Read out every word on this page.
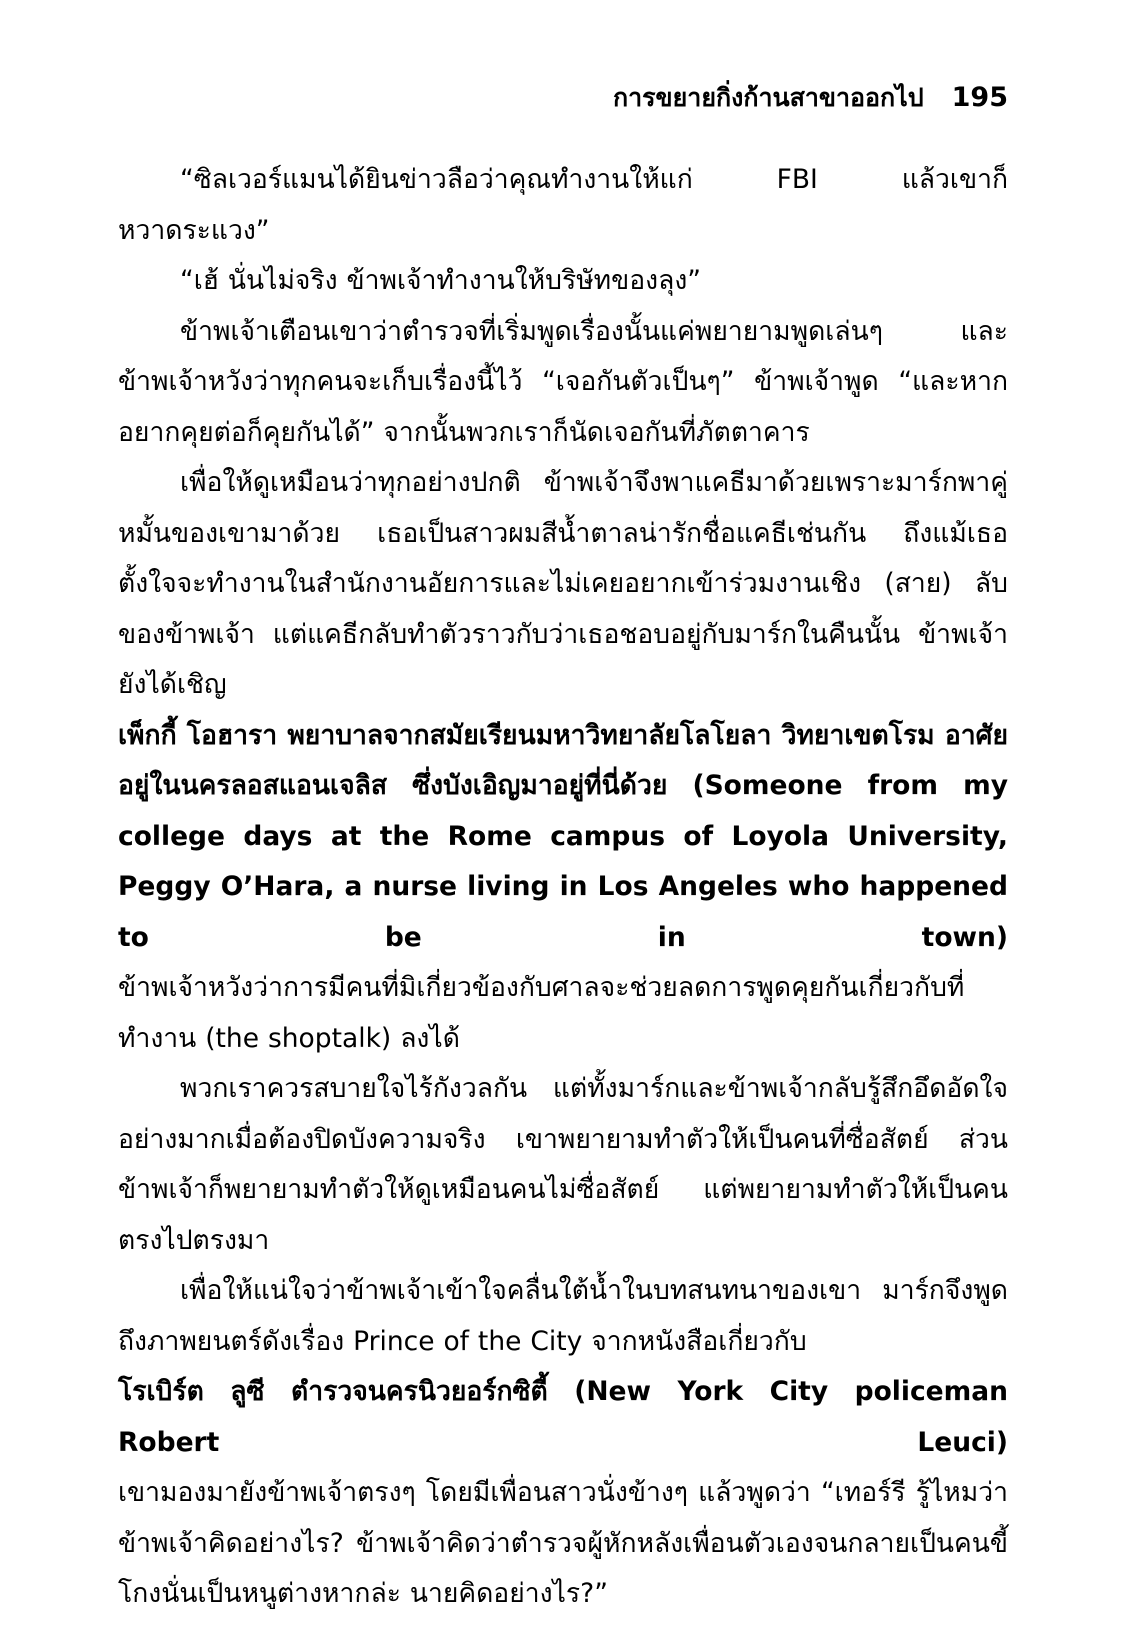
การขยายกิ่งก้านสาขาออกไป 195

“ซิลเวอร์แมนได้ยินข่าวลือว่าคุณทำงานให้แก่ FBI แล้วเขาก็หวาดระแวง”

“เฮ้ นั่นไม่จริง ข้าพเจ้าทำงานให้บริษัทของลุง”

ข้าพเจ้าเตือนเขาว่าตำรวจที่เริ่มพูดเรื่องนั้นแค่พยายามพูดเล่นๆ และข้าพเจ้าหวังว่าทุกคนจะเก็บเรื่องนี้ไว้ “เจอกันตัวเป็นๆ” ข้าพเจ้าพูด “และหากอยากคุยต่อก็คุยกันได้” จากนั้นพวกเราก็นัดเจอกันที่ภัตตาคาร

เพื่อให้ดูเหมือนว่าทุกอย่างปกติ ข้าพเจ้าจึงพาแคธีมาด้วยเพราะมาร์กพาคู่หมั้นของเขามาด้วย เธอเป็นสาวผมสีน้ำตาลน่ารักชื่อแคธีเช่นกัน ถึงแม้เธอตั้งใจจะทำงานในสำนักงานอัยการและไม่เคยอยากเข้าร่วมงานเชิง (สาย) ลับของข้าพเจ้า แต่แคธีกลับทำตัวราวกับว่าเธอชอบอยู่กับมาร์กในคืนนั้น ข้าพเจ้ายังได้เชิญ

เพ็กกี้ โอฮารา พยาบาลจากสมัยเรียนมหาวิทยาลัยโลโยลา วิทยาเขตโรม อาศัยอยู่ในนครลอสแอนเจลิส ซึ่งบังเอิญมาอยู่ที่นี่ด้วย (Someone from my college days at the Rome campus of Loyola University, Peggy O’Hara, a nurse living in Los Angeles who happened to be in town)

ข้าพเจ้าหวังว่าการมีคนที่มิเกี่ยวข้องกับศาลจะช่วยลดการพูดคุยกันเกี่ยวกับที่ทำงาน (the shoptalk) ลงได้

พวกเราควรสบายใจไร้กังวลกัน แต่ทั้งมาร์กและข้าพเจ้ากลับรู้สึกอึดอัดใจอย่างมากเมื่อต้องปิดบังความจริง เขาพยายามทำตัวให้เป็นคนที่ซื่อสัตย์ ส่วนข้าพเจ้าก็พยายามทำตัวให้ดูเหมือนคนไม่ซื่อสัตย์ แต่พยายามทำตัวให้เป็นคนตรงไปตรงมา

เพื่อให้แน่ใจว่าข้าพเจ้าเข้าใจคลื่นใต้น้ำในบทสนทนาของเขา มาร์กจึงพูดถึงภาพยนตร์ดังเรื่อง Prince of the City จากหนังสือเกี่ยวกับ

โรเบิร์ต ลูซี ตำรวจนครนิวยอร์กซิตี้ (New York City policeman Robert Leuci)

เขามองมายังข้าพเจ้าตรงๆ โดยมีเพื่อนสาวนั่งข้างๆ แล้วพูดว่า “เทอร์รี รู้ไหมว่าข้าพเจ้าคิดอย่างไร? ข้าพเจ้าคิดว่าตำรวจผู้หักหลังเพื่อนตัวเองจนกลายเป็นคนขี้โกงนั่นเป็นหนูต่างหากล่ะ นายคิดอย่างไร?”
